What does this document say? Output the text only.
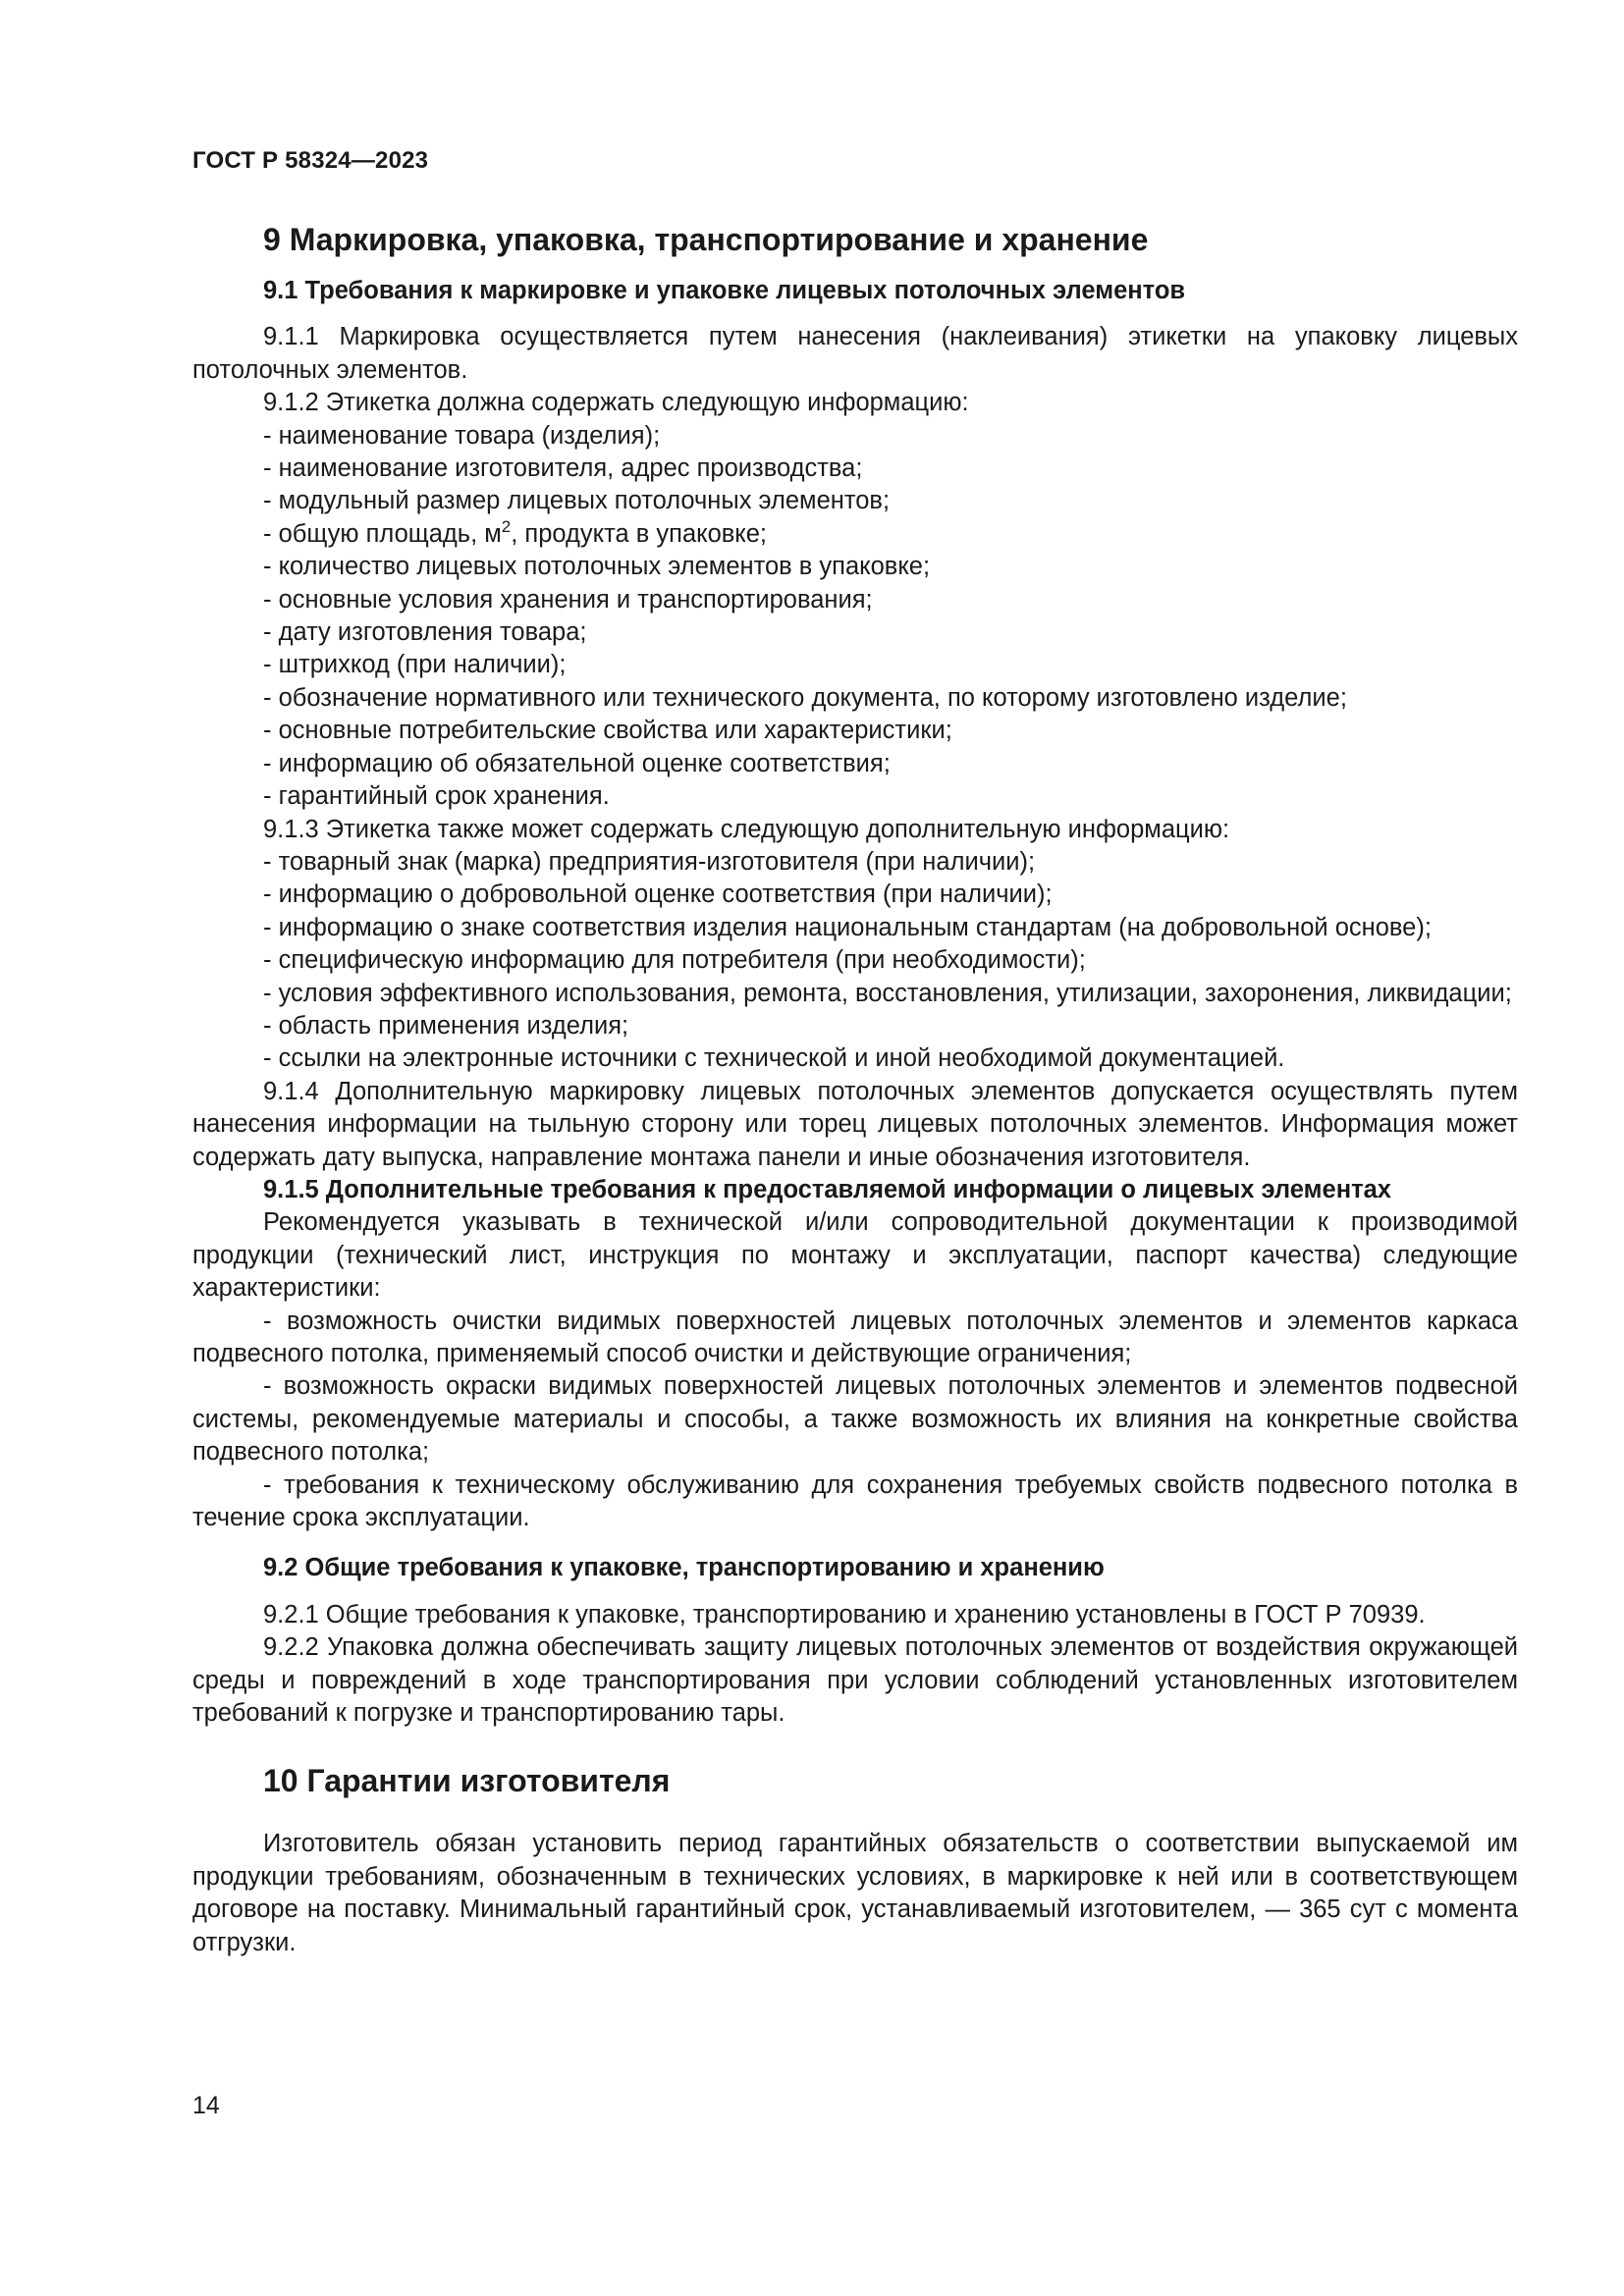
ГОСТ Р 58324—2023
9 Маркировка, упаковка, транспортирование и хранение
9.1 Требования к маркировке и упаковке лицевых потолочных элементов
9.1.1 Маркировка осуществляется путем нанесения (наклеивания) этикетки на упаковку лицевых потолочных элементов.
9.1.2 Этикетка должна содержать следующую информацию:
- наименование товара (изделия);
- наименование изготовителя, адрес производства;
- модульный размер лицевых потолочных элементов;
- общую площадь, $м^2$, продукта в упаковке;
- количество лицевых потолочных элементов в упаковке;
- основные условия хранения и транспортирования;
- дату изготовления товара;
- штрихкод (при наличии);
- обозначение нормативного или технического документа, по которому изготовлено изделие;
- основные потребительские свойства или характеристики;
- информацию об обязательной оценке соответствия;
- гарантийный срок хранения.
9.1.3 Этикетка также может содержать следующую дополнительную информацию:
- товарный знак (марка) предприятия-изготовителя (при наличии);
- информацию о добровольной оценке соответствия (при наличии);
- информацию о знаке соответствия изделия национальным стандартам (на добровольной основе);
- специфическую информацию для потребителя (при необходимости);
- условия эффективного использования, ремонта, восстановления, утилизации, захоронения, ликвидации;
- область применения изделия;
- ссылки на электронные источники с технической и иной необходимой документацией.
9.1.4 Дополнительную маркировку лицевых потолочных элементов допускается осуществлять путем нанесения информации на тыльную сторону или торец лицевых потолочных элементов. Информация может содержать дату выпуска, направление монтажа панели и иные обозначения изготовителя.
9.1.5 Дополнительные требования к предоставляемой информации о лицевых элементах
Рекомендуется указывать в технической и/или сопроводительной документации к производимой продукции (технический лист, инструкция по монтажу и эксплуатации, паспорт качества) следующие характеристики:
- возможность очистки видимых поверхностей лицевых потолочных элементов и элементов каркаса подвесного потолка, применяемый способ очистки и действующие ограничения;
- возможность окраски видимых поверхностей лицевых потолочных элементов и элементов подвесной системы, рекомендуемые материалы и способы, а также возможность их влияния на конкретные свойства подвесного потолка;
- требования к техническому обслуживанию для сохранения требуемых свойств подвесного потолка в течение срока эксплуатации.
9.2 Общие требования к упаковке, транспортированию и хранению
9.2.1 Общие требования к упаковке, транспортированию и хранению установлены в ГОСТ Р 70939.
9.2.2 Упаковка должна обеспечивать защиту лицевых потолочных элементов от воздействия окружающей среды и повреждений в ходе транспортирования при условии соблюдений установленных изготовителем требований к погрузке и транспортированию тары.
10 Гарантии изготовителя
Изготовитель обязан установить период гарантийных обязательств о соответствии выпускаемой им продукции требованиям, обозначенным в технических условиях, в маркировке к ней или в соответствующем договоре на поставку. Минимальный гарантийный срок, устанавливаемый изготовителем, — 365 сут с момента отгрузки.
14
